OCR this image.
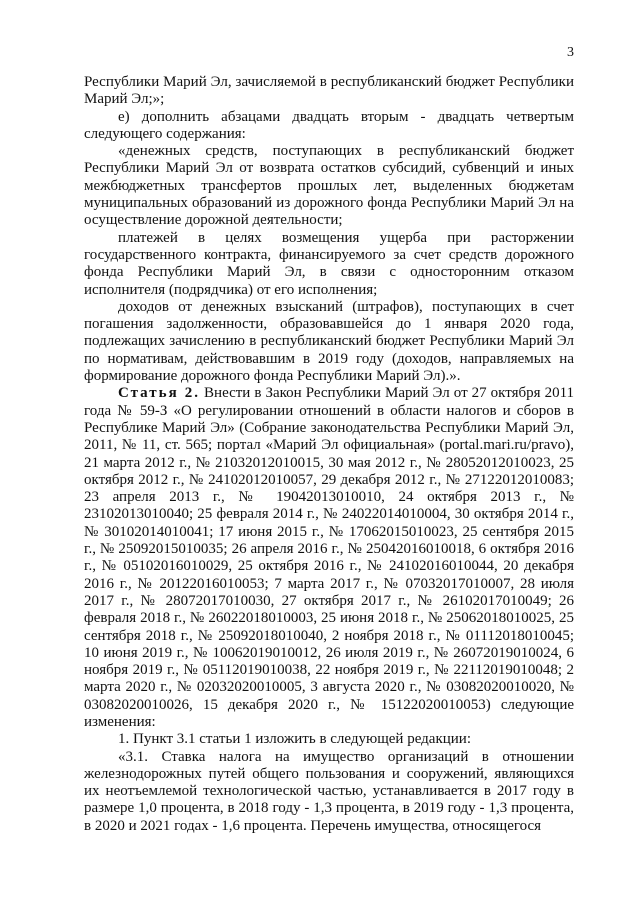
3

Республики Марий Эл, зачисляемой в республиканский бюджет Республики Марий Эл;»;

е) дополнить абзацами двадцать вторым - двадцать четвертым следующего содержания:

«денежных средств, поступающих в республиканский бюджет Республики Марий Эл от возврата остатков субсидий, субвенций и иных межбюджетных трансфертов прошлых лет, выделенных бюджетам муниципальных образований из дорожного фонда Республики Марий Эл на осуществление дорожной деятельности;

платежей в целях возмещения ущерба при расторжении государственного контракта, финансируемого за счет средств дорожного фонда Республики Марий Эл, в связи с односторонним отказом исполнителя (подрядчика) от его исполнения;

доходов от денежных взысканий (штрафов), поступающих в счет погашения задолженности, образовавшейся до 1 января 2020 года, подлежащих зачислению в республиканский бюджет Республики Марий Эл по нормативам, действовавшим в 2019 году (доходов, направляемых на формирование дорожного фонда Республики Марий Эл).».

Статья 2. Внести в Закон Республики Марий Эл от 27 октября 2011 года № 59-З «О регулировании отношений в области налогов и сборов в Республике Марий Эл» (Собрание законодательства Республики Марий Эл, 2011, № 11, ст. 565; портал «Марий Эл официальная» (portal.mari.ru/pravo), 21 марта 2012 г., № 21032012010015, 30 мая 2012 г., № 28052012010023, 25 октября 2012 г., № 24102012010057, 29 декабря 2012 г., № 27122012010083; 23 апреля 2013 г., № 19042013010010, 24 октября 2013 г., № 23102013010040; 25 февраля 2014 г., № 24022014010004, 30 октября 2014 г., № 30102014010041; 17 июня 2015 г., № 17062015010023, 25 сентября 2015 г., № 25092015010035; 26 апреля 2016 г., № 25042016010018, 6 октября 2016 г., № 05102016010029, 25 октября 2016 г., № 24102016010044, 20 декабря 2016 г., № 20122016010053; 7 марта 2017 г., № 07032017010007, 28 июля 2017 г., № 28072017010030, 27 октября 2017 г., № 26102017010049; 26 февраля 2018 г., № 26022018010003, 25 июня 2018 г., № 25062018010025, 25 сентября 2018 г., № 25092018010040, 2 ноября 2018 г., № 01112018010045; 10 июня 2019 г., № 10062019010012, 26 июля 2019 г., № 26072019010024, 6 ноября 2019 г., № 05112019010038, 22 ноября 2019 г., № 22112019010048; 2 марта 2020 г., № 02032020010005, 3 августа 2020 г., № 03082020010020, № 03082020010026, 15 декабря 2020 г., № 15122020010053) следующие изменения:

1. Пункт 3.1 статьи 1 изложить в следующей редакции:

«3.1. Ставка налога на имущество организаций в отношении железнодорожных путей общего пользования и сооружений, являющихся их неотъемлемой технологической частью, устанавливается в 2017 году в размере 1,0 процента, в 2018 году - 1,3 процента, в 2019 году - 1,3 процента, в 2020 и 2021 годах - 1,6 процента. Перечень имущества, относящегося
